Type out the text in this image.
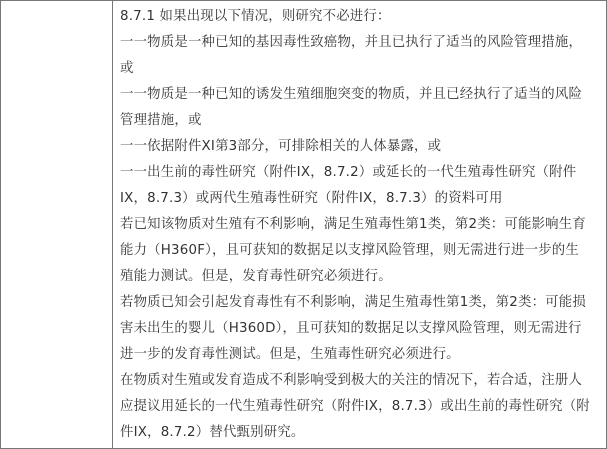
8.7.1 如果出现以下情况，则研究不必进行：
一一物质是一种已知的基因毒性致癌物，并且已执行了适当的风险管理措施，
或
一一物质是一种已知的诱发生殖细胞突变的物质，并且已经执行了适当的风险
管理措施，或
一一依据附件XI第3部分，可排除相关的人体暴露，或
一一出生前的毒性研究（附件IX，8.7.2）或延长的一代生殖毒性研究（附件
IX，8.7.3）或两代生殖毒性研究（附件IX，8.7.3）的资料可用
若已知该物质对生殖有不利影响，满足生殖毒性第1类，第2类：可能影响生育
能力（H360F），且可获知的数据足以支撑风险管理，则无需进行进一步的生
殖能力测试。但是，发育毒性研究必须进行。
若物质已知会引起发育毒性有不利影响，满足生殖毒性第1类，第2类：可能损
害未出生的婴儿（H360D），且可获知的数据足以支撑风险管理，则无需进行
进一步的发育毒性测试。但是，生殖毒性研究必须进行。
在物质对生殖或发育造成不利影响受到极大的关注的情况下，若合适，注册人
应提议用延长的一代生殖毒性研究（附件IX，8.7.3）或出生前的毒性研究（附
件IX，8.7.2）替代甄别研究。
